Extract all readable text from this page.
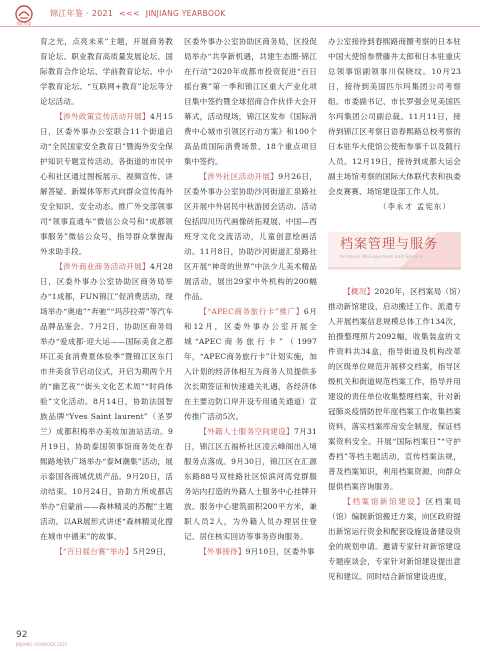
锦江年鉴
锦江年鉴 · 2021 <<< JINJIANG YEARBOOK

育之光，点亮未来”主题，开展商务教育论坛、职业教育高质量发展论坛、国际教育合作论坛、学前教育论坛、中小学教育论坛、“互联网+教育”论坛等分论坛活动。

【涉外政策宣传活动开展】4月15日，区委外事办公室联合11个街道启动“全民国家安全教育日”暨海外安全保护知识专题宣传活动。各街道的市民中心和社区通过图板展示、视频宣传、讲解答疑、新媒体等形式向群众宣传海外安全知识、安全动态。推广外交部领事司“领事直通车”微信公众号和“成都领事服务”微信公众号，指导群众掌握海外求助手段。

【涉外商业商务活动开展】4月28日，区委外事办公室协助区商务局举办“1成都，FUN锦江”促消费活动，现场举办“奥迪”“奔驰”“玛莎拉蒂”等汽车品牌品鉴会。7月2日，协助区商务局举办“爱成都·迎大运——国际美食之都环江美食消费夏体验季”暨锦江区东门市井美食节启动仪式，开启为期两个月的“幽艺夜”“街头文化艺术周”“时尚体验”文化活动。8月14日，协助法国智族品牌“Yves Saint laurent”（圣罗兰）成都积梅举办美妆加油站活动。9月19日，协助泰国领事馆商务处在春熙路地铁广场举办“泰M潮集”活动，展示泰国各商城优质产品。9月20日，活动结束。10月24日，协助方所成都店举办“启蒙前——森林精灵的苏醒”主题活动。以AR展形式讲述“森林精灵化搜在城市中循来”的故事。

【“百日摇台赛”举办】5月29日，

区委外事办公室协助区商务局，区投促局举办“共享新机遇，共建生态圈·锦江在行动”2020年成都市投资促进“百日摇台赛”第一季和锦江区重大产业化项目集中签约暨全球招商合作伙伴大会开幕式，活动现场，锦江区发布《国际消费中心城市引领区行动方案》和100个高品质国际消费场景、18个重点项目集中签约。

【涉外社区活动开展】9月26日，区委外事办公室协助沙河街道汇泉路社区开展中外居民中秋游园会活动。活动包括四川历代画像砖拓观展、中国—西班牙文化交流活动，儿童创意绘画活动。11月8日，协助沙河街道汇泉路社区开展“神奇的世界”中法少儿美术精品展活动，展出29家中外机构的200幅作品。

【“APEC商务旅行卡”推广】6月和12月，区委外事办公室开展全城“APEC商务旅行卡”（1997年，“APEC商务旅行卡”计划实施，加入计划的经济体相互为商务人员提供多次长期签证和快速通关礼遇，各经济体在主要边防口岸开设专用通关通道）宣传推广活动5次。

【外籍人士服务空间建设】7月31日，锦江区五福桥社区凌云峰阁出入境服务点落成。9月30日，锦江区在汇源东路88号双桂路社区惊滨河湾党群服务站内打造的外籍人士服务中心挂牌开放。服务中心建筑面积200平方米，兼职人员2人，为外籍人员办理居住登记、居住核实回访等事务咨询服务。

【外事接待】9月10日，区委外事

办公室接待到春熙路商圈考察的日本驻中国大使馆参赞藤井太郎和日本驻重庆总领事馆副领事川俣晓纹。10月23日，接待到美国匹尔玛集团公司考察组。市委副书记、市长罗强会见美国匹尔玛集团公司副总裁。11月11日，接待到锦江区考察日语春熙路总校考察的日本驻华大使馆公使衔参事千以及随行人员。12月19日，接待到成都大运会副主场馆考察的国际大体联代表和执委会皮赛赛、场馆建设部工作人员。

（李永才 孟宪东）

档案管理与服务
Archives Management and Service

【概况】2020年，区档案局（馆）推动新馆建设，启动搬迁工作。派遣专人开展档案信息规模总体工作134次，拍摄整理照片2092幅，收集装盒的文件资料共34盒，指导街道及机构改革的区级单位规范开展移交档案，指导区级机关和街道规范档案工作，指导并用建设的责任单位收集整理档案，针对新冠肺炎疫情防控年度档案工作收集档案资料，落实档案库房安全制度，保证档案资料安全。开展“国际档案日”“守护香档”等档主题活动，宣传档案法规，普及档案知识，利用档案资源，向群众提供档案咨询服务。

【档案馆新馆建设】区档案局（馆）编制新馆搬迁方案，向区政府提出新馆运行资金和配套设施设备建设资金的规划申请。邀请专家针对新馆建设专题座谈会，专家针对新馆建设提出意见和建议。同时结合新馆建设进度，

92
JINJIANG YEARBOOK 2021
